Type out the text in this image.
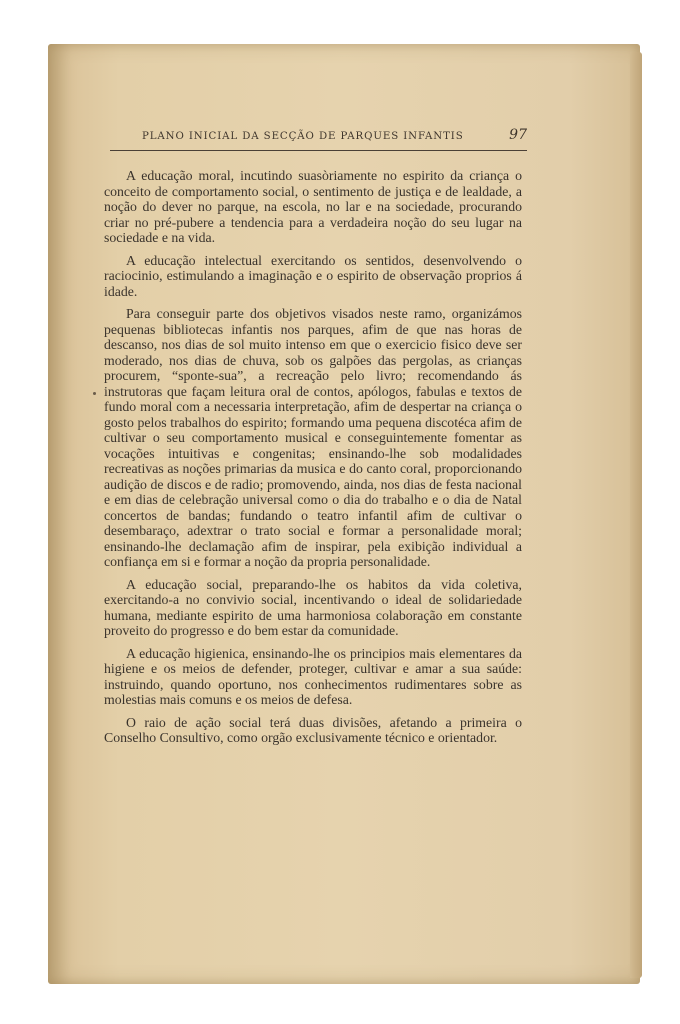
PLANO INICIAL DA SECÇÃO DE PARQUES INFANTIS	97

A educação moral, incutindo suasòriamente no espirito da criança o conceito de comportamento social, o sentimento de justiça e de lealdade, a noção do dever no parque, na escola, no lar e na sociedade, procurando criar no pré-pubere a tendencia para a verdadeira noção do seu lugar na sociedade e na vida.

A educação intelectual exercitando os sentidos, desenvolvendo o raciocinio, estimulando a imaginação e o espirito de observação proprios á idade.

Para conseguir parte dos objetivos visados neste ramo, organizámos pequenas bibliotecas infantis nos parques, afim de que nas horas de descanso, nos dias de sol muito intenso em que o exercicio fisico deve ser moderado, nos dias de chuva, sob os galpões das pergolas, as crianças procurem, “sponte-sua”, a recreação pelo livro; recomendando ás instrutoras que façam leitura oral de contos, apólogos, fabulas e textos de fundo moral com a necessaria interpretação, afim de despertar na criança o gosto pelos trabalhos do espirito; formando uma pequena discotéca afim de cultivar o seu comportamento musical e conseguintemente fomentar as vocações intuitivas e congenitas; ensinando-lhe sob modalidades recreativas as noções primarias da musica e do canto coral, proporcionando audição de discos e de radio; promovendo, ainda, nos dias de festa nacional e em dias de celebração universal como o dia do trabalho e o dia de Natal concertos de bandas; fundando o teatro infantil afim de cultivar o desembaraço, adextrar o trato social e formar a personalidade moral; ensinando-lhe declamação afim de inspirar, pela exibição individual a confiança em si e formar a noção da propria personalidade.

A educação social, preparando-lhe os habitos da vida coletiva, exercitando-a no convivio social, incentivando o ideal de solidariedade humana, mediante espirito de uma harmoniosa colaboração em constante proveito do progresso e do bem estar da comunidade.

A educação higienica, ensinando-lhe os principios mais elementares da higiene e os meios de defender, proteger, cultivar e amar a sua saúde: instruindo, quando oportuno, nos conhecimentos rudimentares sobre as molestias mais comuns e os meios de defesa.

O raio de ação social terá duas divisões, afetando a primeira o Conselho Consultivo, como orgão exclusivamente técnico e orientador.
